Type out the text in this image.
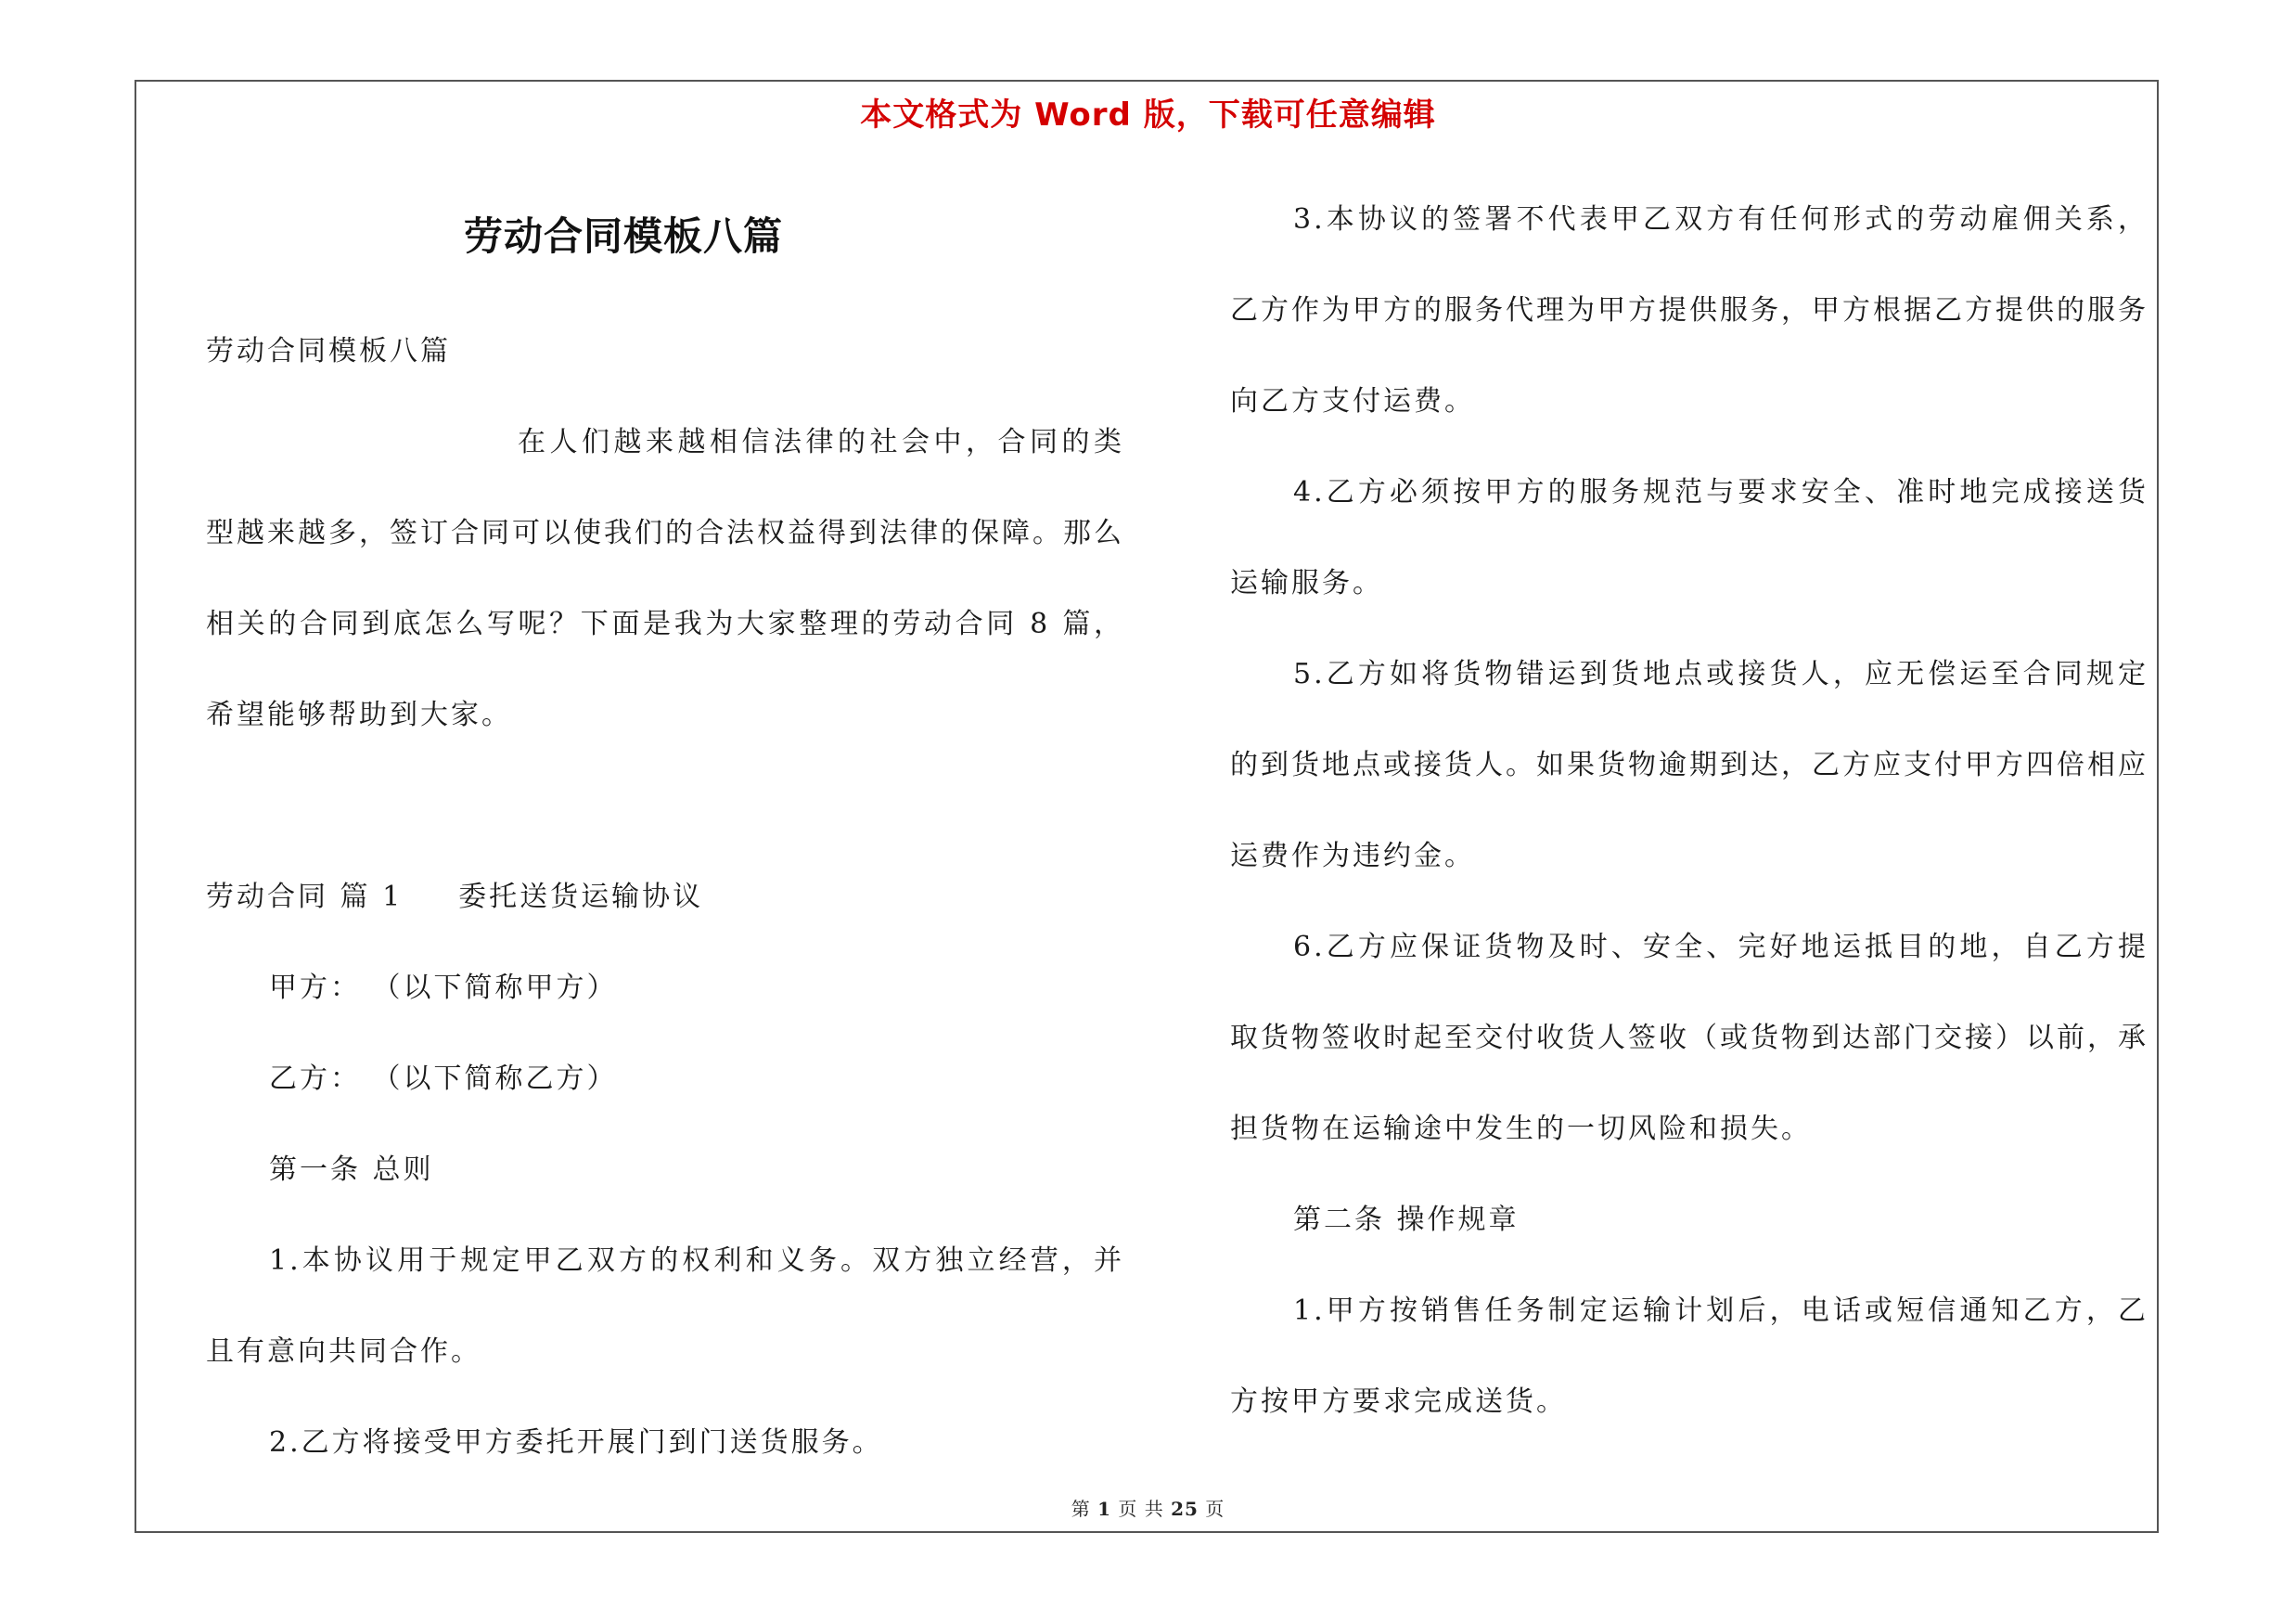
本文格式为 Word 版，下载可任意编辑
劳动合同模板八篇

劳动合同模板八篇

在人们越来越相信法律的社会中，合同的类型越来越多，签订合同可以使我们的合法权益得到法律的保障。那么相关的合同到底怎么写呢？下面是我为大家整理的劳动合同 8 篇，希望能够帮助到大家。

劳动合同 篇 1 委托送货运输协议

甲方： （以下简称甲方）

乙方： （以下简称乙方）

第一条 总则

1.本协议用于规定甲乙双方的权利和义务。双方独立经营，并且有意向共同合作。

2.乙方将接受甲方委托开展门到门送货服务。

3.本协议的签署不代表甲乙双方有任何形式的劳动雇佣关系，乙方作为甲方的服务代理为甲方提供服务，甲方根据乙方提供的服务向乙方支付运费。

4.乙方必须按甲方的服务规范与要求安全、准时地完成接送货运输服务。

5.乙方如将货物错运到货地点或接货人，应无偿运至合同规定的到货地点或接货人。如果货物逾期到达，乙方应支付甲方四倍相应运费作为违约金。

6.乙方应保证货物及时、安全、完好地运抵目的地，自乙方提取货物签收时起至交付收货人签收（或货物到达部门交接）以前，承担货物在运输途中发生的一切风险和损失。

第二条 操作规章

1.甲方按销售任务制定运输计划后，电话或短信通知乙方，乙方按甲方要求完成送货。

第 1 页 共 25 页
